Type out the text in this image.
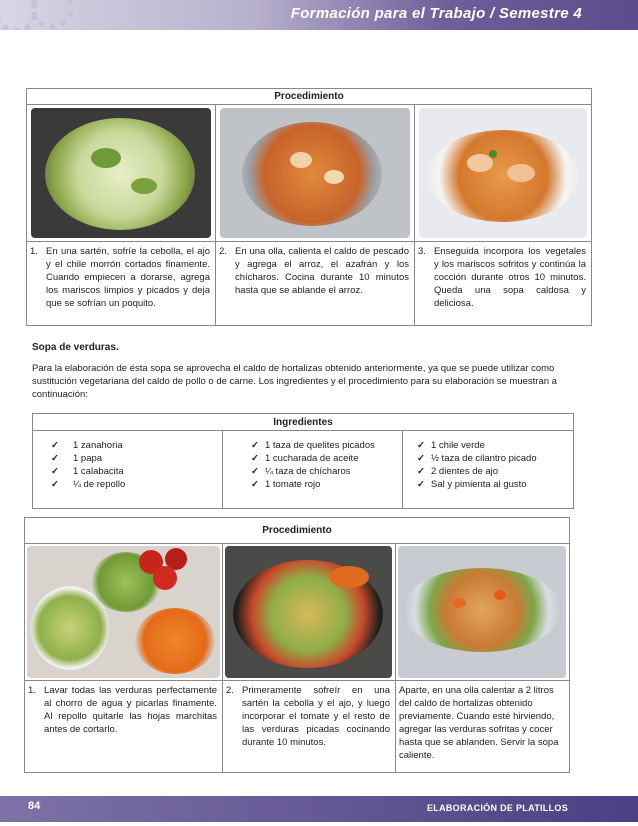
Formación para el Trabajo / Semestre 4
Procedimiento
1. En una sartén, sofríe la cebolla, el ajo y el chile morrón cortados finamente. Cuando empiecen a dorarse, agrega los mariscos limpios y picados y deja que se sofrían un poquito.
2. En una olla, calienta el caldo de pescado y agrega el arroz, el azafrán y los chícharos. Cocina durante 10 minutos hasta que se ablande el arroz.
3. Enseguida incorpora los vegetales y los mariscos sofritos y continúa la cocción durante otros 10 minutos. Queda una sopa caldosa y deliciosa.
Sopa de verduras.
Para la elaboración de ésta sopa se aprovecha el caldo de hortalizas obtenido anteriormente, ya que se puede utilizar como sustitución vegetariana del caldo de pollo o de carne. Los ingredientes y el procedimiento para su elaboración se muestran a continuación:
Ingredientes
✓	1 zanahoria
✓	1 papa
✓	1 calabacita
✓	¼ de repollo
✓ 1 taza de quelites picados
✓ 1 cucharada de aceite
✓ ¼ taza de chícharos
✓ 1 tomate rojo
✓ 1 chile verde
✓ ½ taza de cilantro picado
✓ 2 dientes de ajo
✓ Sal y pimienta al gusto
Procedimiento
1. Lavar todas las verduras perfectamente al chorro de agua y picarlas finamente. Al repollo quitarle las hojas marchitas antes de cortarlo.
2. Primeramente sofreír en una sartén la cebolla y el ajo, y luego incorporar el tomate y el resto de las verduras picadas cocinando durante 10 minutos.
Aparte, en una olla calentar a 2 litros del caldo de hortalizas obtenido previamente. Cuando esté hirviendo, agregar las verduras sofritas y cocer hasta que se ablanden. Servir la sopa caliente.
84	ELABORACIÓN DE PLATILLOS
